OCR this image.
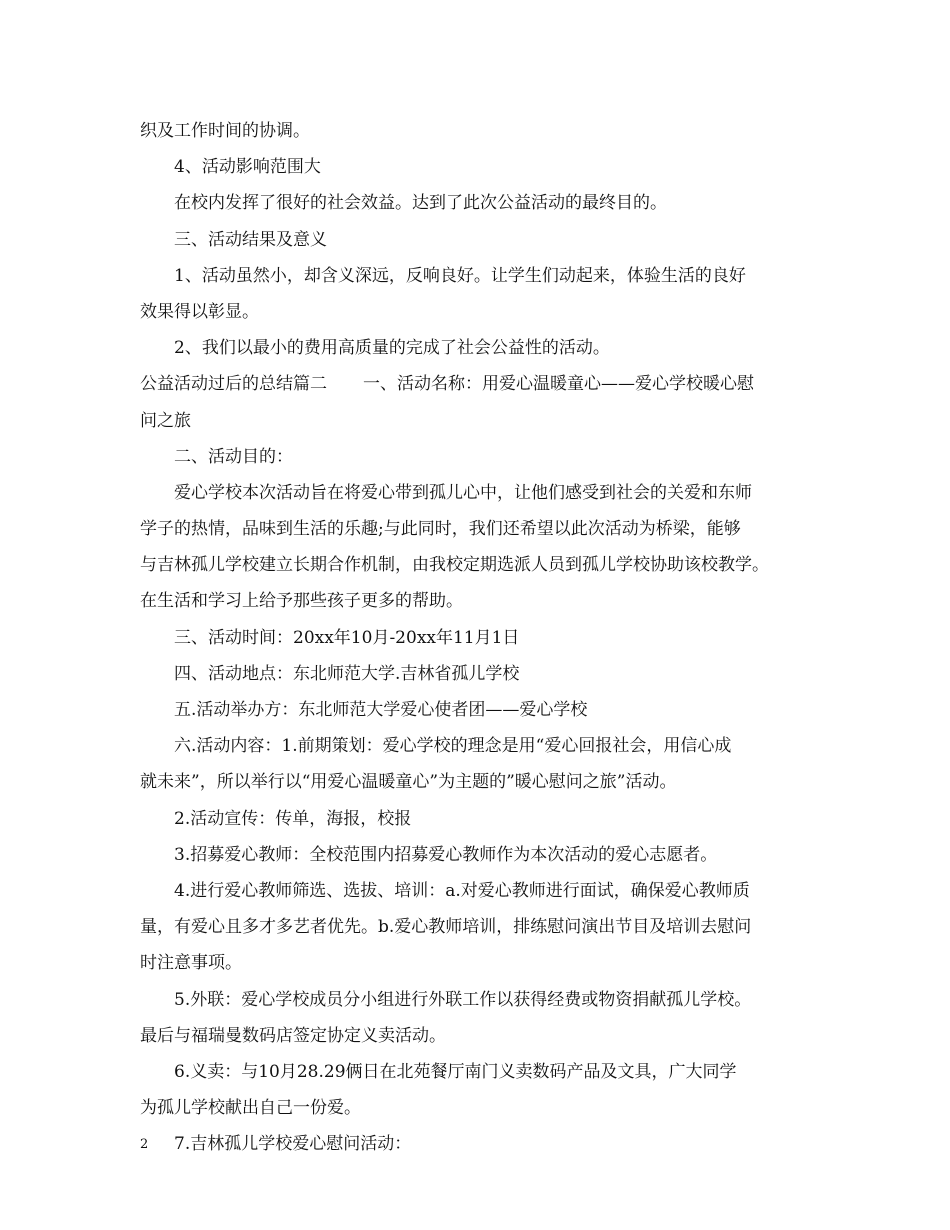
织及工作时间的协调。
4、活动影响范围大
在校内发挥了很好的社会效益。达到了此次公益活动的最终目的。
三、活动结果及意义
1、活动虽然小，却含义深远，反响良好。让学生们动起来，体验生活的良好
效果得以彰显。
2、我们以最小的费用高质量的完成了社会公益性的活动。
公益活动过后的总结篇二 一、活动名称：用爱心温暖童心——爱心学校暖心慰
问之旅
二、活动目的：
爱心学校本次活动旨在将爱心带到孤儿心中，让他们感受到社会的关爱和东师
学子的热情，品味到生活的乐趣;与此同时，我们还希望以此次活动为桥梁，能够
与吉林孤儿学校建立长期合作机制，由我校定期选派人员到孤儿学校协助该校教学。
在生活和学习上给予那些孩子更多的帮助。
三、活动时间：20xx年10月-20xx年11月1日
四、活动地点：东北师范大学.吉林省孤儿学校
五.活动举办方：东北师范大学爱心使者团——爱心学校
六.活动内容：1.前期策划：爱心学校的理念是用“爱心回报社会，用信心成
就未来”，所以举行以“用爱心温暖童心”为主题的”暖心慰问之旅”活动。
2.活动宣传：传单，海报，校报
3.招募爱心教师：全校范围内招募爱心教师作为本次活动的爱心志愿者。
4.进行爱心教师筛选、选拔、培训：a.对爱心教师进行面试，确保爱心教师质
量，有爱心且多才多艺者优先。b.爱心教师培训，排练慰问演出节目及培训去慰问
时注意事项。
5.外联：爱心学校成员分小组进行外联工作以获得经费或物资捐献孤儿学校。
最后与福瑞曼数码店签定协定义卖活动。
6.义卖：与10月28.29俩日在北苑餐厅南门义卖数码产品及文具，广大同学
为孤儿学校献出自己一份爱。
7.吉林孤儿学校爱心慰问活动：
2
